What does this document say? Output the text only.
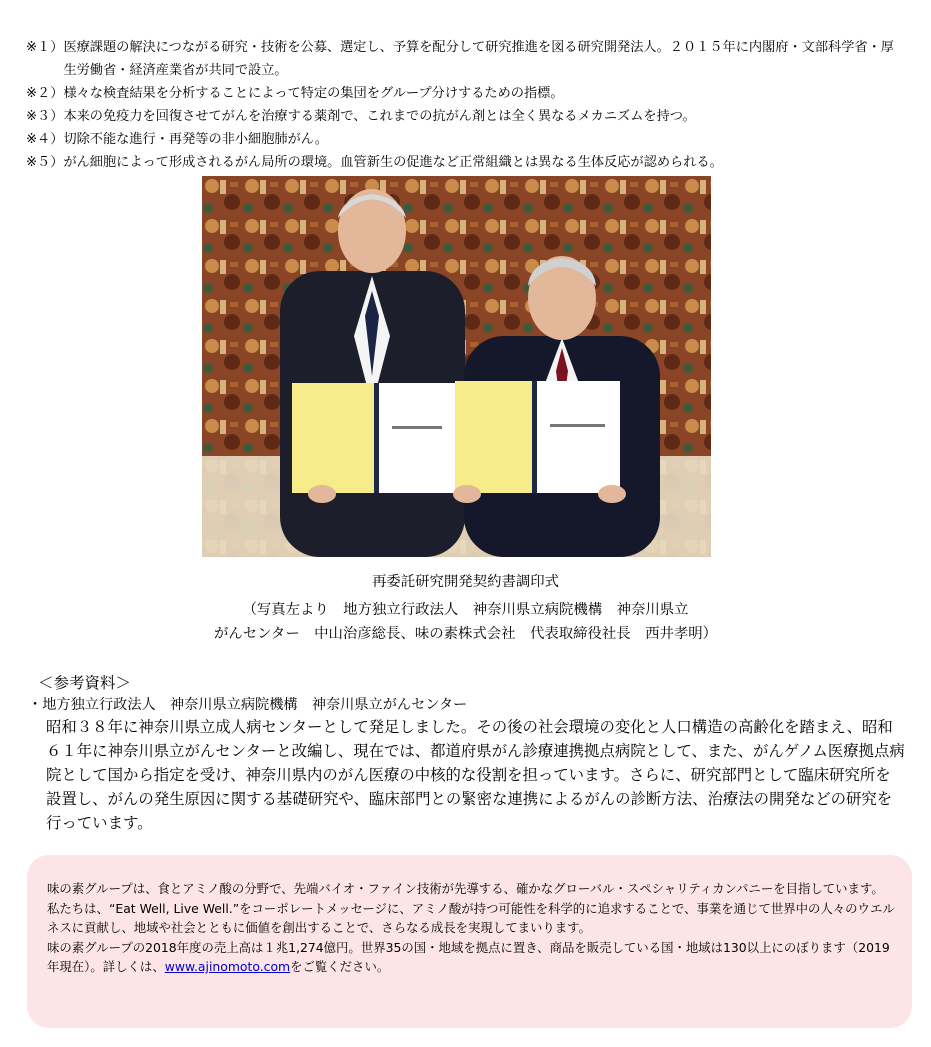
※１） 医療課題の解決につながる研究・技術を公募、選定し、予算を配分して研究推進を図る研究開発法人。２０１５年に内閣府・文部科学省・厚生労働省・経済産業省が共同で設立。
※２） 様々な検査結果を分析することによって特定の集団をグループ分けするための指標。
※３） 本来の免疫力を回復させてがんを治療する薬剤で、これまでの抗がん剤とは全く異なるメカニズムを持つ。
※４） 切除不能な進行・再発等の非小細胞肺がん。
※５） がん細胞によって形成されるがん局所の環境。血管新生の促進など正常組織とは異なる生体反応が認められる。
再委託研究開発契約書調印式
（写真左より　地方独立行政法人　神奈川県立病院機構　神奈川県立
がんセンター　中山治彦総長、味の素株式会社　代表取締役社長　西井孝明）
＜参考資料＞
・地方独立行政法人　神奈川県立病院機構　神奈川県立がんセンター
昭和３８年に神奈川県立成人病センターとして発足しました。その後の社会環境の変化と人口構造の高齢化を踏まえ、昭和６１年に神奈川県立がんセンターと改編し、現在では、都道府県がん診療連携拠点病院として、また、がんゲノム医療拠点病院として国から指定を受け、神奈川県内のがん医療の中核的な役割を担っています。さらに、研究部門として臨床研究所を設置し、がんの発生原因に関する基礎研究や、臨床部門との緊密な連携によるがんの診断方法、治療法の開発などの研究を行っています。
味の素グループは、食とアミノ酸の分野で、先端バイオ・ファイン技術が先導する、確かなグローバル・スペシャリティカンパニーを目指しています。
私たちは、“Eat Well, Live Well.”をコーポレートメッセージに、アミノ酸が持つ可能性を科学的に追求することで、事業を通じて世界中の人々のウエルネスに貢献し、地域や社会とともに価値を創出することで、さらなる成長を実現してまいります。
味の素グループの2018年度の売上高は１兆1,274億円。世界35の国・地域を拠点に置き、商品を販売している国・地域は130以上にのぼります（2019年現在）。詳しくは、www.ajinomoto.comをご覧ください。
